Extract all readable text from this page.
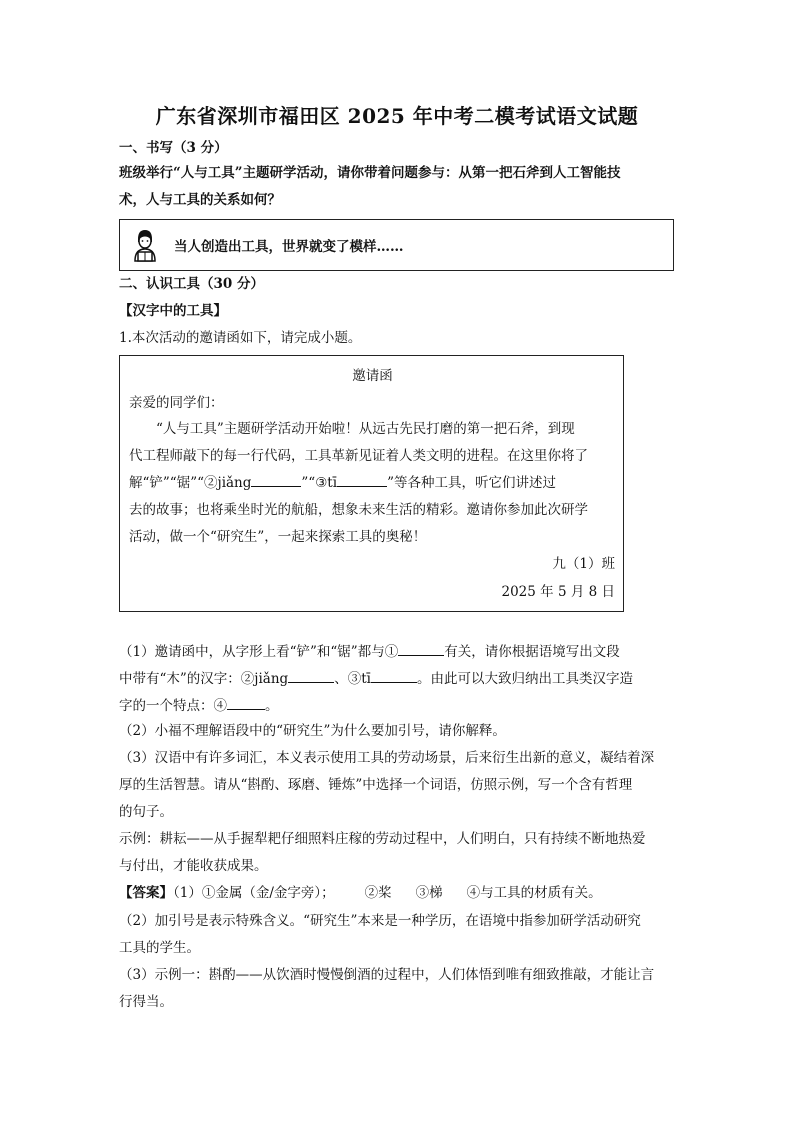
广东省深圳市福田区 2025 年中考二模考试语文试题
一、书写（3 分）
班级举行“人与工具”主题研学活动，请你带着问题参与：从第一把石斧到人工智能技
术，人与工具的关系如何？
当人创造出工具，世界就变了模样……
二、认识工具（30 分）
【汉字中的工具】
1.本次活动的邀请函如下，请完成小题。
邀请函
亲爱的同学们：
“人与工具”主题研学活动开始啦！从远古先民打磨的第一把石斧，到现
代工程师敲下的每一行代码，工具革新见证着人类文明的进程。在这里你将了
解“铲”“锯”“②jiǎng	”“③tī	”等各种工具，听它们讲述过
去的故事；也将乘坐时光的航船，想象未来生活的精彩。邀请你参加此次研学
活动，做一个“研究生”，一起来探索工具的奥秘！
九（1）班
2025 年 5 月 8 日
（1）邀请函中，从字形上看“铲”和“锯”都与①	有关，请你根据语境写出文段
中带有“木”的汉字：②jiǎng	、③tī	。由此可以大致归纳出工具类汉字造
字的一个特点：④	。
（2）小福不理解语段中的“研究生”为什么要加引号，请你解释。
（3）汉语中有许多词汇，本义表示使用工具的劳动场景，后来衍生出新的意义，凝结着深
厚的生活智慧。请从“斟酌、琢磨、锤炼”中选择一个词语，仿照示例，写一个含有哲理
的句子。
示例：耕耘——从手握犁耙仔细照料庄稼的劳动过程中，人们明白，只有持续不断地热爱
与付出，才能收获成果。
【答案】（1）①金属（金/金字旁）； ②桨 ③梯 ④与工具的材质有关。
（2）加引号是表示特殊含义。“研究生”本来是一种学历，在语境中指参加研学活动研究
工具的学生。
（3）示例一：斟酌——从饮酒时慢慢倒酒的过程中，人们体悟到唯有细致推敲，才能让言
行得当。
